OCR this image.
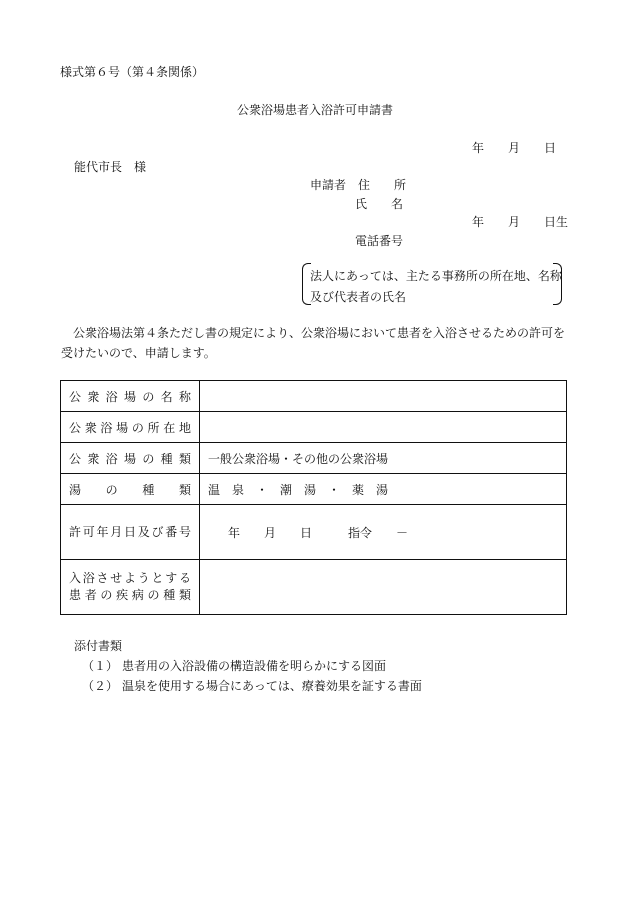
様式第６号（第４条関係）
公衆浴場患者入浴許可申請書
年　　月　　日
能代市長　様
申請者　住　　所
氏　　名
年　　月　　日生
電話番号
法人にあっては、主たる事務所の所在地、名称
及び代表者の氏名
公衆浴場法第４条ただし書の規定により、公衆浴場において患者を入浴させるための許可を受けたいので、申請します。
公衆浴場の名称	
公衆浴場の所在地	
公衆浴場の種類	一般公衆浴場・その他の公衆浴場
湯の種類	温　泉　・　潮　湯　・　薬　湯
許可年月日及び番号	年　　月　　日　　　指令　　－

入浴させようとする
患者の疾病の種類	

添付書類
（１） 患者用の入浴設備の構造設備を明らかにする図面
（２） 温泉を使用する場合にあっては、療養効果を証する書面
